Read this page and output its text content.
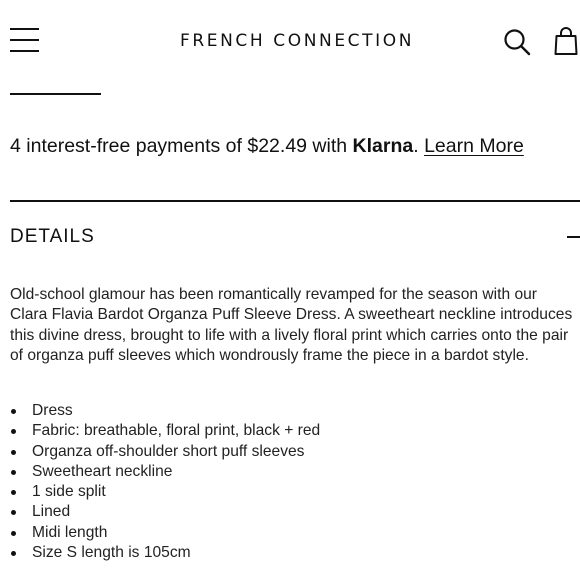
FRENCH CONNECTION
4 interest-free payments of $22.49 with Klarna. Learn More
DETAILS

Old-school glamour has been romantically revamped for the season with our Clara Flavia Bardot Organza Puff Sleeve Dress. A sweetheart neckline introduces this divine dress, brought to life with a lively floral print which carries onto the pair of organza puff sleeves which wondrously frame the piece in a bardot style.

Dress
Fabric: breathable, floral print, black + red
Organza off-shoulder short puff sleeves
Sweetheart neckline
1 side split
Lined
Midi length
Size S length is 105cm
